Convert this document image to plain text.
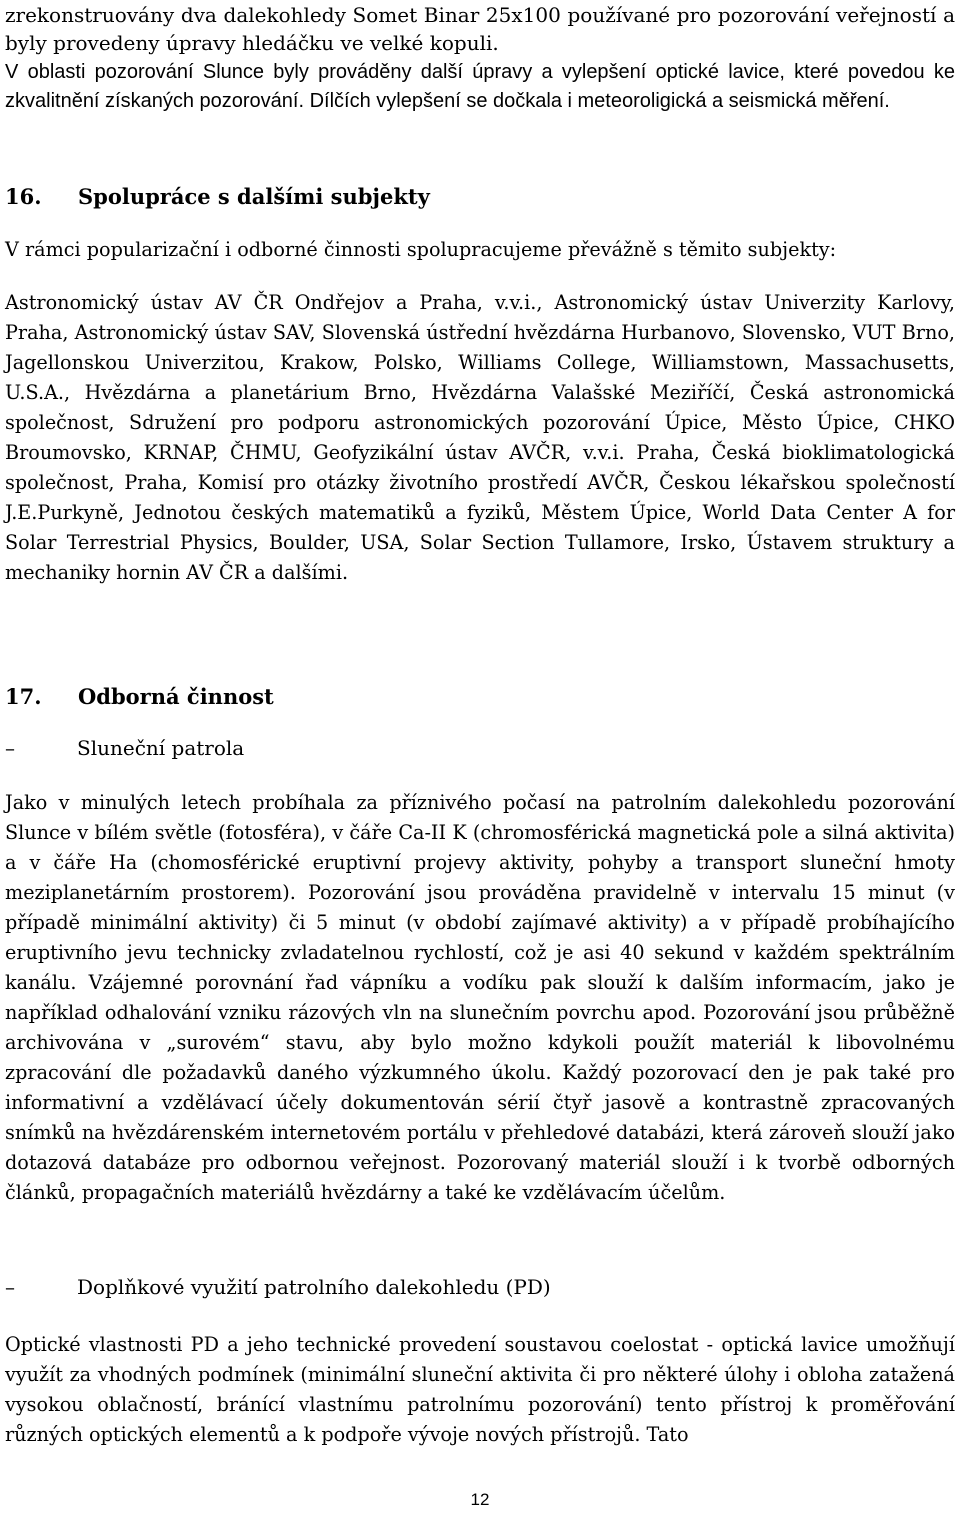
zrekonstruovány dva dalekohledy Somet Binar 25x100 používané pro pozorování veřejností a byly provedeny úpravy hledáčku ve velké kopuli.
V oblasti pozorování Slunce byly prováděny další úpravy a vylepšení optické lavice, které povedou ke zkvalitnění získaných pozorování. Dílčích vylepšení se dočkala i meteoroligická a seismická měření.

16. Spolupráce s dalšími subjekty

V rámci popularizační i odborné činnosti spolupracujeme převážně s těmito subjekty:

Astronomický ústav AV ČR Ondřejov a Praha, v.v.i., Astronomický ústav Univerzity Karlovy, Praha, Astronomický ústav SAV, Slovenská ústřední hvězdárna Hurbanovo, Slovensko, VUT Brno, Jagellonskou Univerzitou, Krakow, Polsko, Williams College, Williamstown, Massachusetts, U.S.A., Hvězdárna a planetárium Brno, Hvězdárna Valašské Meziříčí, Česká astronomická společnost, Sdružení pro podporu astronomických pozorování Úpice, Město Úpice, CHKO Broumovsko, KRNAP, ČHMU, Geofyzikální ústav AVČR, v.v.i. Praha, Česká bioklimatologická společnost, Praha, Komisí pro otázky životního prostředí AVČR, Českou lékařskou společností J.E.Purkyně, Jednotou českých matematiků a fyziků, Městem Úpice, World Data Center A for Solar Terrestrial Physics, Boulder, USA, Solar Section Tullamore, Irsko, Ústavem struktury a mechaniky hornin AV ČR a dalšími.

17. Odborná činnost
–	Sluneční patrola

Jako v minulých letech probíhala za příznivého počasí na patrolním dalekohledu pozorování Slunce v bílém světle (fotosféra), v čáře Ca-II K (chromosférická magnetická pole a silná aktivita) a v čáře Ha (chomosférické eruptivní projevy aktivity, pohyby a transport sluneční hmoty meziplanetárním prostorem). Pozorování jsou prováděna pravidelně v intervalu 15 minut (v případě minimální aktivity) či 5 minut (v období zajímavé aktivity) a v případě probíhajícího eruptivního jevu technicky zvladatelnou rychlostí, což je asi 40 sekund v každém spektrálním kanálu. Vzájemné porovnání řad vápníku a vodíku pak slouží k dalším informacím, jako je například odhalování vzniku rázových vln na slunečním povrchu apod. Pozorování jsou průběžně archivována v „surovém“ stavu, aby bylo možno kdykoli použít materiál k libovolnému zpracování dle požadavků daného výzkumného úkolu. Každý pozorovací den je pak také pro informativní a vzdělávací účely dokumentován sérií čtyř jasově a kontrastně zpracovaných snímků na hvězdárenském internetovém portálu v přehledové databázi, která zároveň slouží jako dotazová databáze pro odbornou veřejnost. Pozorovaný materiál slouží i k tvorbě odborných článků, propagačních materiálů hvězdárny a také ke vzdělávacím účelům.

–	Doplňkové využití patrolního dalekohledu (PD)

Optické vlastnosti PD a jeho technické provedení soustavou coelostat - optická lavice umožňují využít za vhodných podmínek (minimální sluneční aktivita či pro některé úlohy i obloha zatažená vysokou oblačností, bránící vlastnímu patrolnímu pozorování) tento přístroj k proměřování různých optických elementů a k podpoře vývoje nových přístrojů. Tato

12
